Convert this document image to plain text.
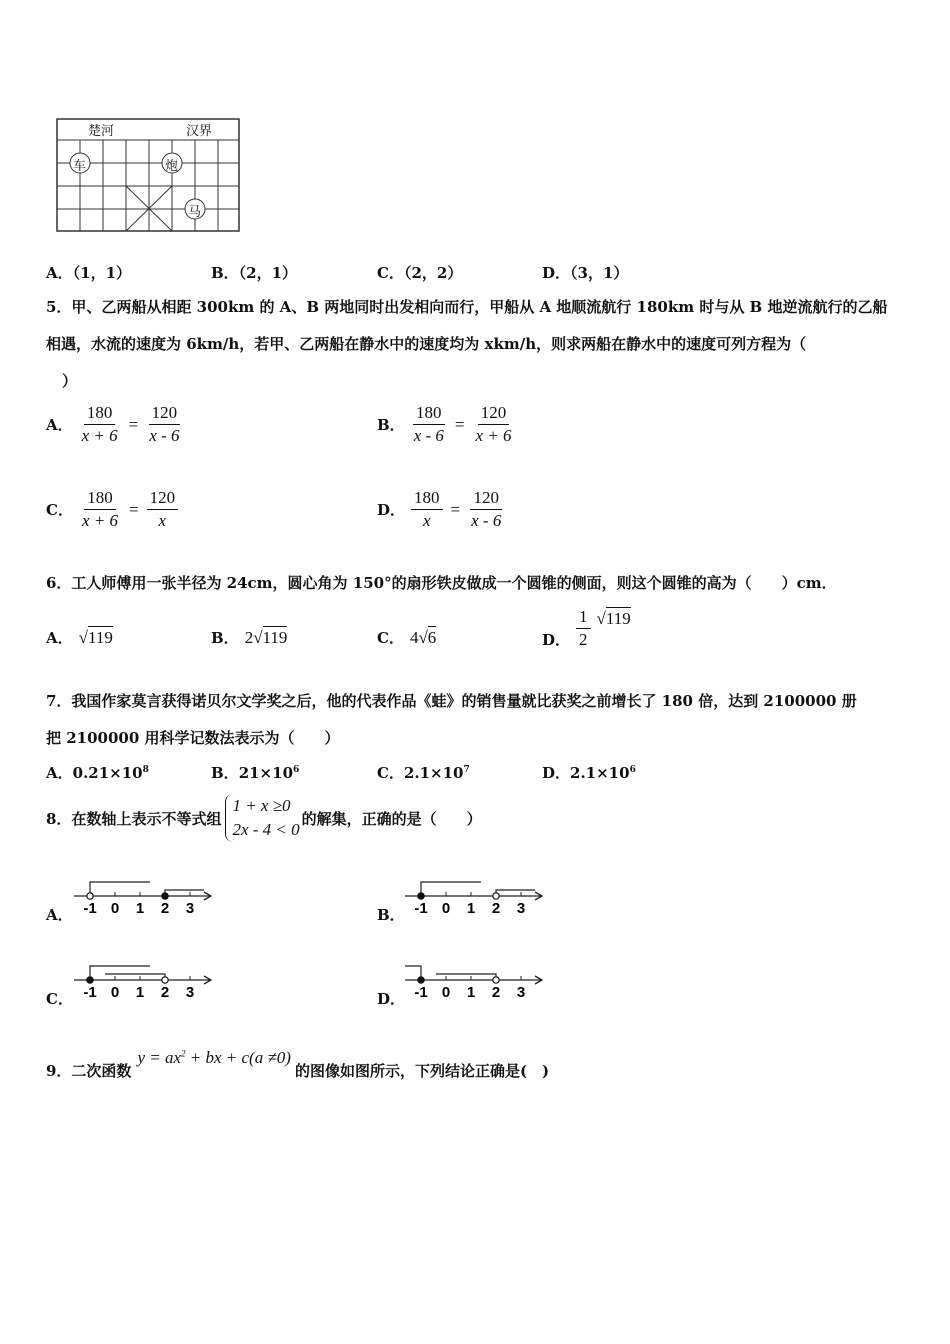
楚河	汉界
车	炮
马
A．（1，1）	B．（2，1）	C．（2，2）	D．（3，1）
5．甲、乙两船从相距 300km 的 A、B 两地同时出发相向而行，甲船从 A 地顺流航行 180km 时与从 B 地逆流航行的乙船
相遇，水流的速度为 6km/h，若甲、乙两船在静水中的速度均为 xkm/h，则求两船在静水中的速度可列方程为（
）
A． $\frac{180}{x + 6} = \frac{120}{x - 6}$	B． $\frac{180}{x - 6} = \frac{120}{x + 6}$
C． $\frac{180}{x + 6} = \frac{120}{x}$	D． $\frac{180}{x} = \frac{120}{x - 6}$
6．工人师傅用一张半径为 24cm，圆心角为 150°的扇形铁皮做成一个圆锥的侧面，则这个圆锥的高为（　　）cm．
A． √119	B． 2√119	C． 4√6	D． $\frac{1}{2} √119$
7．我国作家莫言获得诺贝尔文学奖之后，他的代表作品《蛙》的销售量就比获奖之前增长了 180 倍，达到 2100000 册
把 2100000 用科学记数法表示为（　　）
A．$0.21\times 10^8$	B．$21\times 10^6$	C．$2.1\times 10^7$	D．$2.1\times 10^6$
8．在数轴上表示不等式组
1 + x ≥0
2x - 4 < 0
的解集，正确的是（　　）
A． -1 0 1 2 3	B． -1 0 1 2 3
C． -1 0 1 2 3	D． -1 0 1 2 3
9．二次函数
$y = ax^2$ + bx + c(a ≠0)
的图像如图所示，下列结论正确是(　)
